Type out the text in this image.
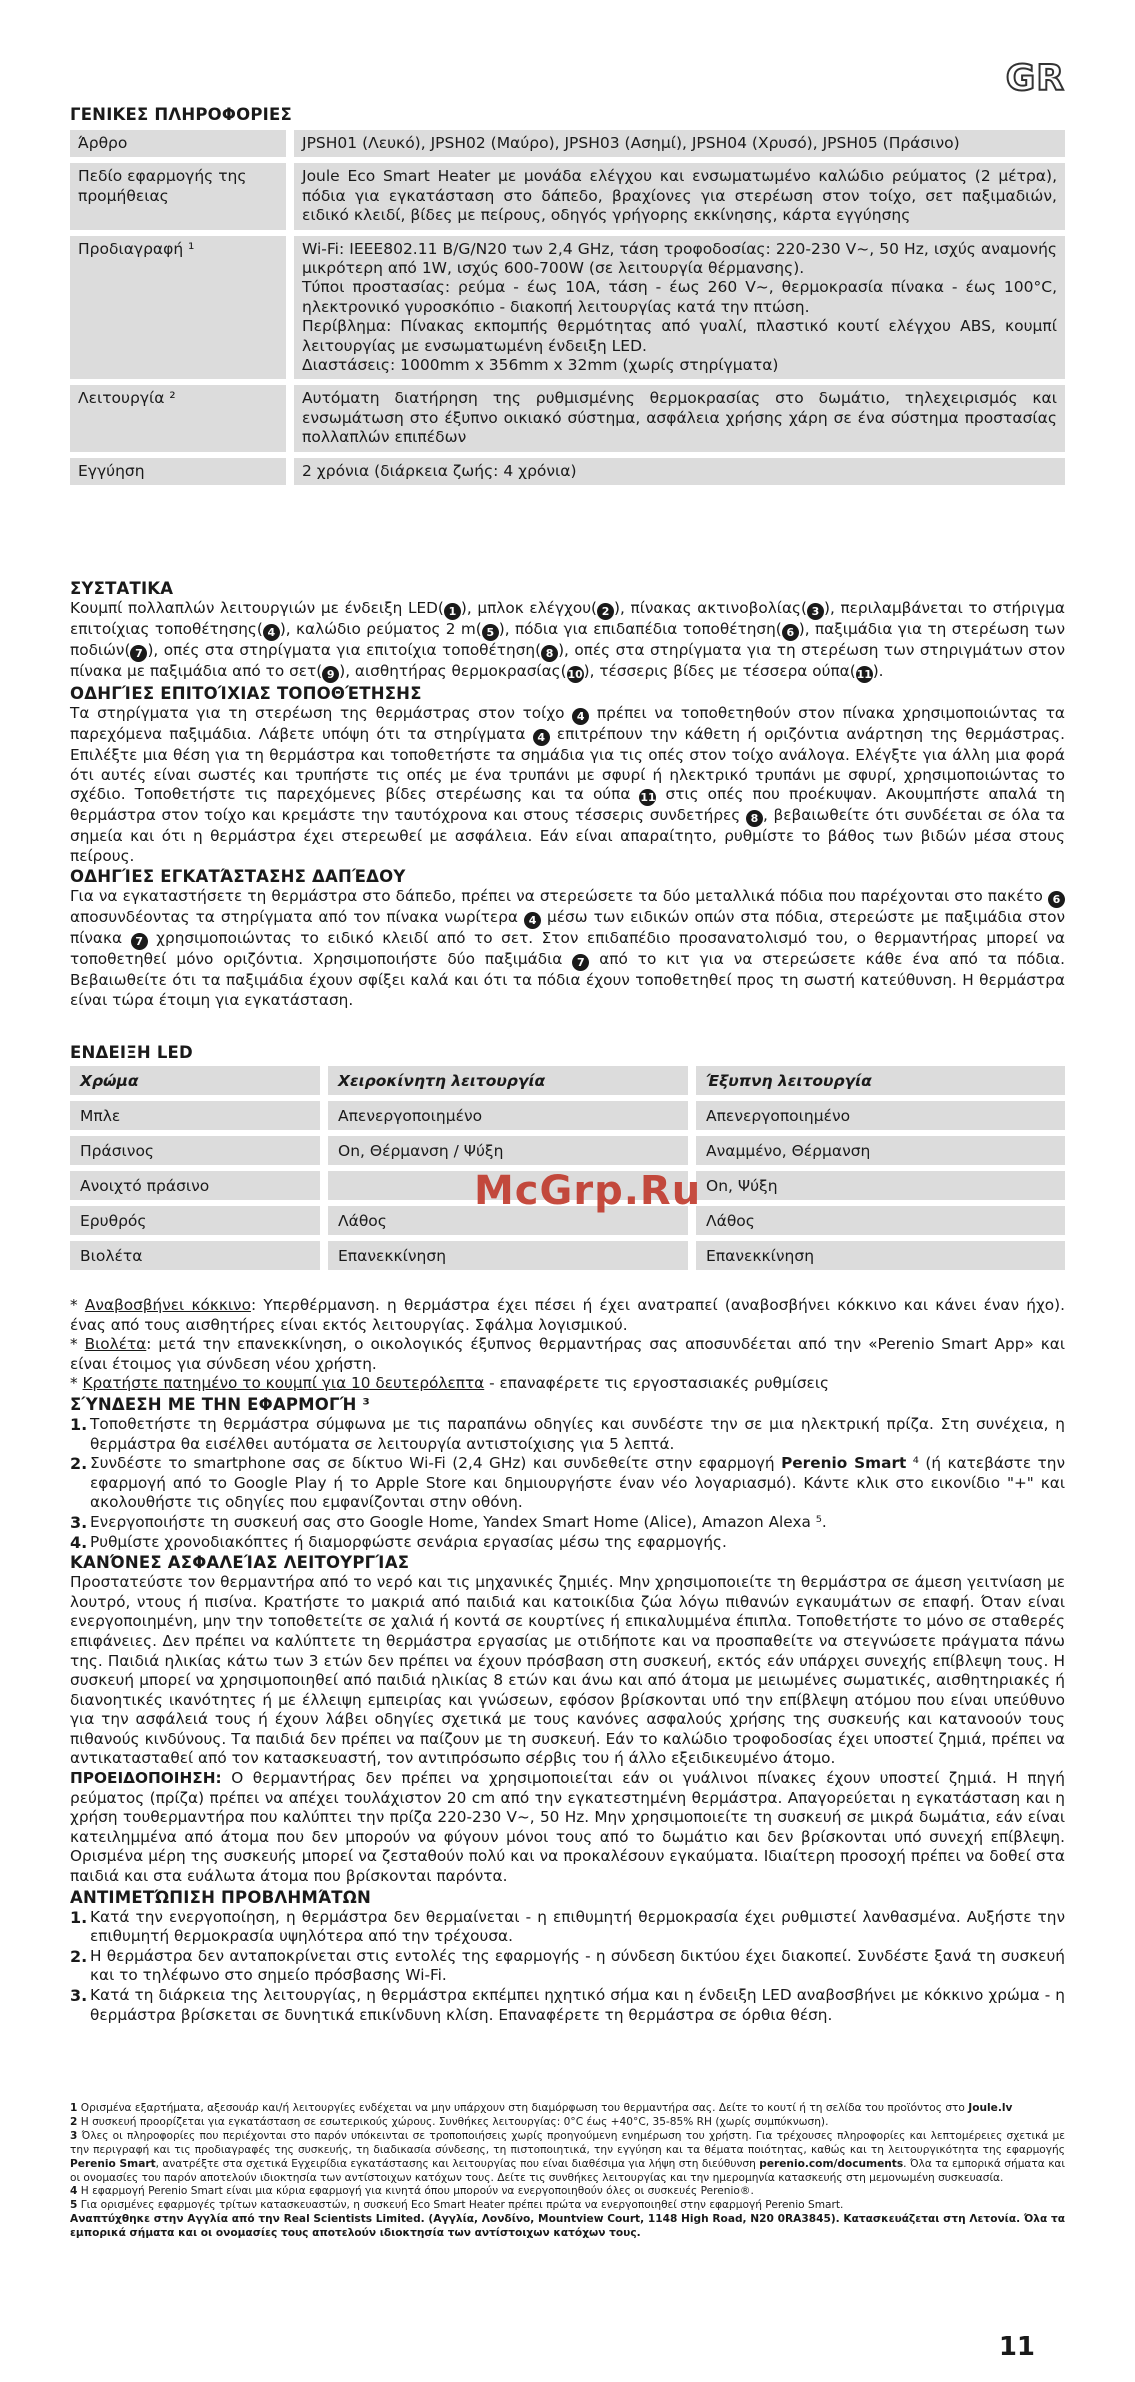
GR
ΓΕΝΙΚΕΣ ΠΛΗΡΟΦΟΡΙΕΣ
Άρθρο		JPSH01 (Λευκό), JPSH02 (Μαύρο), JPSH03 (Ασημί), JPSH04 (Χρυσό), JPSH05 (Πράσινο)
Πεδίο εφαρμογής της προμήθειας		Joule Eco Smart Heater με μονάδα ελέγχου και ενσωματωμένο καλώδιο ρεύματος (2 μέτρα), πόδια για εγκατάσταση στο δάπεδο, βραχίονες για στερέωση στον τοίχο, σετ παξιμαδιών, ειδικό κλειδί, βίδες με πείρους, οδηγός γρήγορης εκκίνησης, κάρτα εγγύησης
Προδιαγραφή ¹		Wi-Fi: IEEE802.11 B/G/N20 των 2,4 GHz, τάση τροφοδοσίας: 220-230 V~, 50 Hz, ισχύς αναμονής μικρότερη από 1W, ισχύς 600-700W (σε λειτουργία θέρμανσης).
Τύποι προστασίας: ρεύμα - έως 10A, τάση - έως 260 V~, θερμοκρασία πίνακα - έως 100°C, ηλεκτρονικό γυροσκόπιο - διακοπή λειτουργίας κατά την πτώση.
Περίβλημα: Πίνακας εκπομπής θερμότητας από γυαλί, πλαστικό κουτί ελέγχου ABS, κουμπί λειτουργίας με ενσωματωμένη ένδειξη LED.
Διαστάσεις: 1000mm x 356mm x 32mm (χωρίς στηρίγματα)
Λειτουργία ²		Αυτόματη διατήρηση της ρυθμισμένης θερμοκρασίας στο δωμάτιο, τηλεχειρισμός και ενσωμάτωση στο έξυπνο οικιακό σύστημα, ασφάλεια χρήσης χάρη σε ένα σύστημα προστασίας πολλαπλών επιπέδων
Εγγύηση		2 χρόνια (διάρκεια ζωής: 4 χρόνια)
ΣΥΣΤΑΤΙΚΑ

Κουμπί πολλαπλών λειτουργιών με ένδειξη LED( 1 ), μπλοκ ελέγχου( 2 ), πίνακας ακτινοβολίας( 3 ), περιλαμβάνεται το στήριγμα επιτοίχιας τοποθέτησης( 4 ), καλώδιο ρεύματος 2 m( 5 ), πόδια για επιδαπέδια τοποθέτηση( 6 ), παξιμάδια για τη στερέωση των ποδιών( 7 ), οπές στα στηρίγματα για επιτοίχια τοποθέτηση( 8 ), οπές στα στηρίγματα για τη στερέωση των στηριγμάτων στον πίνακα με παξιμάδια από το σετ( 9 ), αισθητήρας θερμοκρασίας(10), τέσσερις βίδες με τέσσερα ούπα(11).

ΟΔΗΓΊΕΣ ΕΠΙΤΟΊΧΙΑΣ ΤΟΠΟΘΈΤΗΣΗΣ

Τα στηρίγματα για τη στερέωση της θερμάστρας στον τοίχο 4 πρέπει να τοποθετηθούν στον πίνακα χρησιμοποιώντας τα παρεχόμενα παξιμάδια. Λάβετε υπόψη ότι τα στηρίγματα 4 επιτρέπουν την κάθετη ή οριζόντια ανάρτηση της θερμάστρας. Επιλέξτε μια θέση για τη θερμάστρα και τοποθετήστε τα σημάδια για τις οπές στον τοίχο ανάλογα. Ελέγξτε για άλλη μια φορά ότι αυτές είναι σωστές και τρυπήστε τις οπές με ένα τρυπάνι με σφυρί ή ηλεκτρικό τρυπάνι με σφυρί, χρησιμοποιώντας το σχέδιο. Τοποθετήστε τις παρεχόμενες βίδες στερέωσης και τα ούπα 11 στις οπές που προέκυψαν. Ακουμπήστε απαλά τη θερμάστρα στον τοίχο και κρεμάστε την ταυτόχρονα και στους τέσσερις συνδετήρες 8 , βεβαιωθείτε ότι συνδέεται σε όλα τα σημεία και ότι η θερμάστρα έχει στερεωθεί με ασφάλεια. Εάν είναι απαραίτητο, ρυθμίστε το βάθος των βιδών μέσα στους πείρους.

ΟΔΗΓΊΕΣ ΕΓΚΑΤΆΣΤΑΣΗΣ ΔΑΠΈΔΟΥ

Για να εγκαταστήσετε τη θερμάστρα στο δάπεδο, πρέπει να στερεώσετε τα δύο μεταλλικά πόδια που παρέχονται στο πακέτο 6 αποσυνδέοντας τα στηρίγματα από τον πίνακα νωρίτερα 4 μέσω των ειδικών οπών στα πόδια, στερεώστε με παξιμάδια στον πίνακα 7 χρησιμοποιώντας το ειδικό κλειδί από το σετ. Στον επιδαπέδιο προσανατολισμό του, ο θερμαντήρας μπορεί να τοποθετηθεί μόνο οριζόντια. Χρησιμοποιήστε δύο παξιμάδια 7 από το κιτ για να στερεώσετε κάθε ένα από τα πόδια. Βεβαιωθείτε ότι τα παξιμάδια έχουν σφίξει καλά και ότι τα πόδια έχουν τοποθετηθεί προς τη σωστή κατεύθυνση. Η θερμάστρα είναι τώρα έτοιμη για εγκατάσταση.

ΕΝΔΕΙΞΗ LED
Χρώμα		Χειροκίνητη λειτουργία		Έξυπνη λειτουργία
Μπλε		Απενεργοποιημένο		Απενεργοποιημένο
Πράσινος		On, Θέρμανση / Ψύξη		Αναμμένο, Θέρμανση
Ανοιχτό πράσινο				On, Ψύξη
Ερυθρός		Λάθος		Λάθος
Βιολέτα		Επανεκκίνηση		Επανεκκίνηση

* Αναβοσβήνει κόκκινο: Υπερθέρμανση. η θερμάστρα έχει πέσει ή έχει ανατραπεί (αναβοσβήνει κόκκινο και κάνει έναν ήχο). ένας από τους αισθητήρες είναι εκτός λειτουργίας. Σφάλμα λογισμικού.

* Βιολέτα: μετά την επανεκκίνηση, ο οικολογικός έξυπνος θερμαντήρας σας αποσυνδέεται από την «Perenio Smart App» και είναι έτοιμος για σύνδεση νέου χρήστη.

* Κρατήστε πατημένο το κουμπί για 10 δευτερόλεπτα - επαναφέρετε τις εργοστασιακές ρυθμίσεις

ΣΎΝΔΕΣΗ ΜΕ ΤΗΝ ΕΦΑΡΜΟΓΉ ³
1. Τοποθετήστε τη θερμάστρα σύμφωνα με τις παραπάνω οδηγίες και συνδέστε την σε μια ηλεκτρική πρίζα. Στη συνέχεια, η θερμάστρα θα εισέλθει αυτόματα σε λειτουργία αντιστοίχισης για 5 λεπτά.
2. Συνδέστε το smartphone σας σε δίκτυο Wi-Fi (2,4 GHz) και συνδεθείτε στην εφαρμογή Perenio Smart ⁴ (ή κατεβάστε την εφαρμογή από το Google Play ή το Apple Store και δημιουργήστε έναν νέο λογαριασμό). Κάντε κλικ στο εικονίδιο "+" και ακολουθήστε τις οδηγίες που εμφανίζονται στην οθόνη.
3. Ενεργοποιήστε τη συσκευή σας στο Google Home, Yandex Smart Home (Alice), Amazon Alexa ⁵.
4. Ρυθμίστε χρονοδιακόπτες ή διαμορφώστε σενάρια εργασίας μέσω της εφαρμογής.
ΚΑΝΌΝΕΣ ΑΣΦΑΛΕΊΑΣ ΛΕΙΤΟΥΡΓΊΑΣ

Προστατεύστε τον θερμαντήρα από το νερό και τις μηχανικές ζημιές. Μην χρησιμοποιείτε τη θερμάστρα σε άμεση γειτνίαση με λουτρό, ντους ή πισίνα. Κρατήστε το μακριά από παιδιά και κατοικίδια ζώα λόγω πιθανών εγκαυμάτων σε επαφή. Όταν είναι ενεργοποιημένη, μην την τοποθετείτε σε χαλιά ή κοντά σε κουρτίνες ή επικαλυμμένα έπιπλα. Τοποθετήστε το μόνο σε σταθερές επιφάνειες. Δεν πρέπει να καλύπτετε τη θερμάστρα εργασίας με οτιδήποτε και να προσπαθείτε να στεγνώσετε πράγματα πάνω της. Παιδιά ηλικίας κάτω των 3 ετών δεν πρέπει να έχουν πρόσβαση στη συσκευή, εκτός εάν υπάρχει συνεχής επίβλεψη τους. Η συσκευή μπορεί να χρησιμοποιηθεί από παιδιά ηλικίας 8 ετών και άνω και από άτομα με μειωμένες σωματικές, αισθητηριακές ή διανοητικές ικανότητες ή με έλλειψη εμπειρίας και γνώσεων, εφόσον βρίσκονται υπό την επίβλεψη ατόμου που είναι υπεύθυνο για την ασφάλειά τους ή έχουν λάβει οδηγίες σχετικά με τους κανόνες ασφαλούς χρήσης της συσκευής και κατανοούν τους πιθανούς κινδύνους. Τα παιδιά δεν πρέπει να παίζουν με τη συσκευή. Εάν το καλώδιο τροφοδοσίας έχει υποστεί ζημιά, πρέπει να αντικατασταθεί από τον κατασκευαστή, τον αντιπρόσωπο σέρβις του ή άλλο εξειδικευμένο άτομο.

ΠΡΟΕΙΔΟΠΟΙΗΣΗ: Ο θερμαντήρας δεν πρέπει να χρησιμοποιείται εάν οι γυάλινοι πίνακες έχουν υποστεί ζημιά. Η πηγή ρεύματος (πρίζα) πρέπει να απέχει τουλάχιστον 20 cm από την εγκατεστημένη θερμάστρα. Απαγορεύεται η εγκατάσταση και η χρήση τουθερμαντήρα που καλύπτει την πρίζα 220-230 V~, 50 Hz. Μην χρησιμοποιείτε τη συσκευή σε μικρά δωμάτια, εάν είναι κατειλημμένα από άτομα που δεν μπορούν να φύγουν μόνοι τους από το δωμάτιο και δεν βρίσκονται υπό συνεχή επίβλεψη. Ορισμένα μέρη της συσκευής μπορεί να ζεσταθούν πολύ και να προκαλέσουν εγκαύματα. Ιδιαίτερη προσοχή πρέπει να δοθεί στα παιδιά και στα ευάλωτα άτομα που βρίσκονται παρόντα.

ΑΝΤΙΜΕΤΏΠΙΣΗ ΠΡΟΒΛΗΜΆΤΩΝ
1. Κατά την ενεργοποίηση, η θερμάστρα δεν θερμαίνεται - η επιθυμητή θερμοκρασία έχει ρυθμιστεί λανθασμένα. Αυξήστε την επιθυμητή θερμοκρασία υψηλότερα από την τρέχουσα.
2. Η θερμάστρα δεν ανταποκρίνεται στις εντολές της εφαρμογής - η σύνδεση δικτύου έχει διακοπεί. Συνδέστε ξανά τη συσκευή και το τηλέφωνο στο σημείο πρόσβασης Wi-Fi.
3. Κατά τη διάρκεια της λειτουργίας, η θερμάστρα εκπέμπει ηχητικό σήμα και η ένδειξη LED αναβοσβήνει με κόκκινο χρώμα - η θερμάστρα βρίσκεται σε δυνητικά επικίνδυνη κλίση. Επαναφέρετε τη θερμάστρα σε όρθια θέση.

1 Ορισμένα εξαρτήματα, αξεσουάρ και/ή λειτουργίες ενδέχεται να μην υπάρχουν στη διαμόρφωση του θερμαντήρα σας. Δείτε το κουτί ή τη σελίδα του προϊόντος στο Joule.lv

2 Η συσκευή προορίζεται για εγκατάσταση σε εσωτερικούς χώρους. Συνθήκες λειτουργίας: 0°C έως +40°C, 35-85% RH (χωρίς συμπύκνωση).

3 Όλες οι πληροφορίες που περιέχονται στο παρόν υπόκεινται σε τροποποιήσεις χωρίς προηγούμενη ενημέρωση του χρήστη. Για τρέχουσες πληροφορίες και λεπτομέρειες σχετικά με την περιγραφή και τις προδιαγραφές της συσκευής, τη διαδικασία σύνδεσης, τη πιστοποιητικά, την εγγύηση και τα θέματα ποιότητας, καθώς και τη λειτουργικότητα της εφαρμογής Perenio Smart, ανατρέξτε στα σχετικά Εγχειρίδια εγκατάστασης και λειτουργίας που είναι διαθέσιμα για λήψη στη διεύθυνση perenio.com/documents. Όλα τα εμπορικά σήματα και οι ονομασίες του παρόν αποτελούν ιδιοκτησία των αντίστοιχων κατόχων τους. Δείτε τις συνθήκες λειτουργίας και την ημερομηνία κατασκευής στη μεμονωμένη συσκευασία.

4 Η εφαρμογή Perenio Smart είναι μια κύρια εφαρμογή για κινητά όπου μπορούν να ενεργοποιηθούν όλες οι συσκευές Perenio®.

5 Για ορισμένες εφαρμογές τρίτων κατασκευαστών, η συσκευή Eco Smart Heater πρέπει πρώτα να ενεργοποιηθεί στην εφαρμογή Perenio Smart.

Αναπτύχθηκε στην Αγγλία από την Real Scientists Limited. (Αγγλία, Λονδίνο, Mountview Court, 1148 High Road, N20 0RA3845). Κατασκευάζεται στη Λετονία. Όλα τα εμπορικά σήματα και οι ονομασίες τους αποτελούν ιδιοκτησία των αντίστοιχων κατόχων τους.

11
McGrp.Ru
